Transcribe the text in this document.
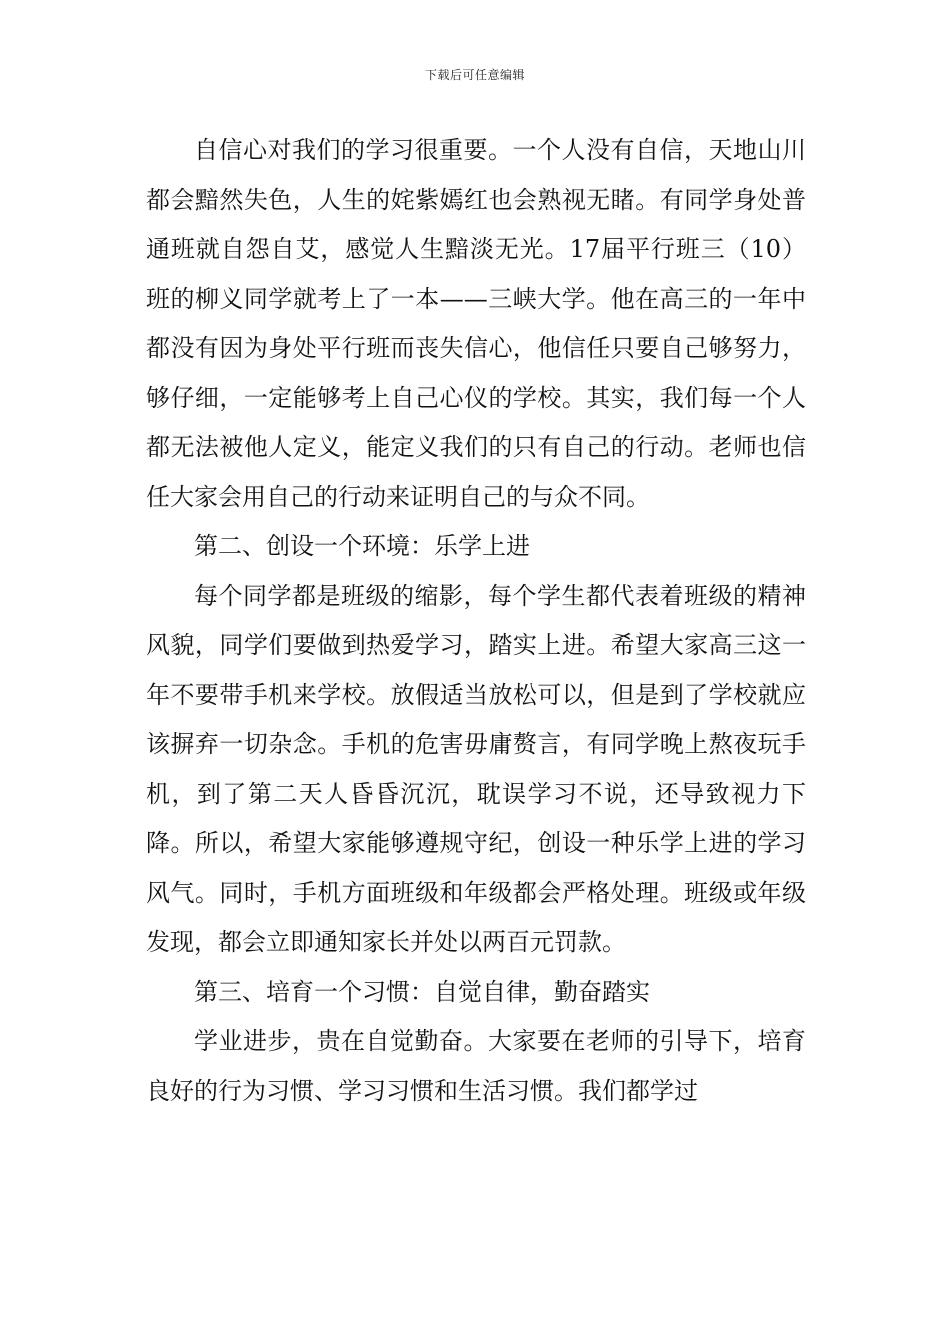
下载后可任意编辑

自信心对我们的学习很重要。一个人没有自信，天地山川都会黯然失色，人生的姹紫嫣红也会熟视无睹。有同学身处普通班就自怨自艾，感觉人生黯淡无光。17届平行班三（10）班的柳义同学就考上了一本——三峡大学。他在高三的一年中都没有因为身处平行班而丧失信心，他信任只要自己够努力，够仔细，一定能够考上自己心仪的学校。其实，我们每一个人都无法被他人定义，能定义我们的只有自己的行动。老师也信任大家会用自己的行动来证明自己的与众不同。

第二、创设一个环境：乐学上进

每个同学都是班级的缩影，每个学生都代表着班级的精神风貌，同学们要做到热爱学习，踏实上进。希望大家高三这一年不要带手机来学校。放假适当放松可以，但是到了学校就应该摒弃一切杂念。手机的危害毋庸赘言，有同学晚上熬夜玩手机，到了第二天人昏昏沉沉，耽误学习不说，还导致视力下降。所以，希望大家能够遵规守纪，创设一种乐学上进的学习风气。同时，手机方面班级和年级都会严格处理。班级或年级发现，都会立即通知家长并处以两百元罚款。

第三、培育一个习惯：自觉自律，勤奋踏实

学业进步，贵在自觉勤奋。大家要在老师的引导下，培育良好的行为习惯、学习习惯和生活习惯。我们都学过
